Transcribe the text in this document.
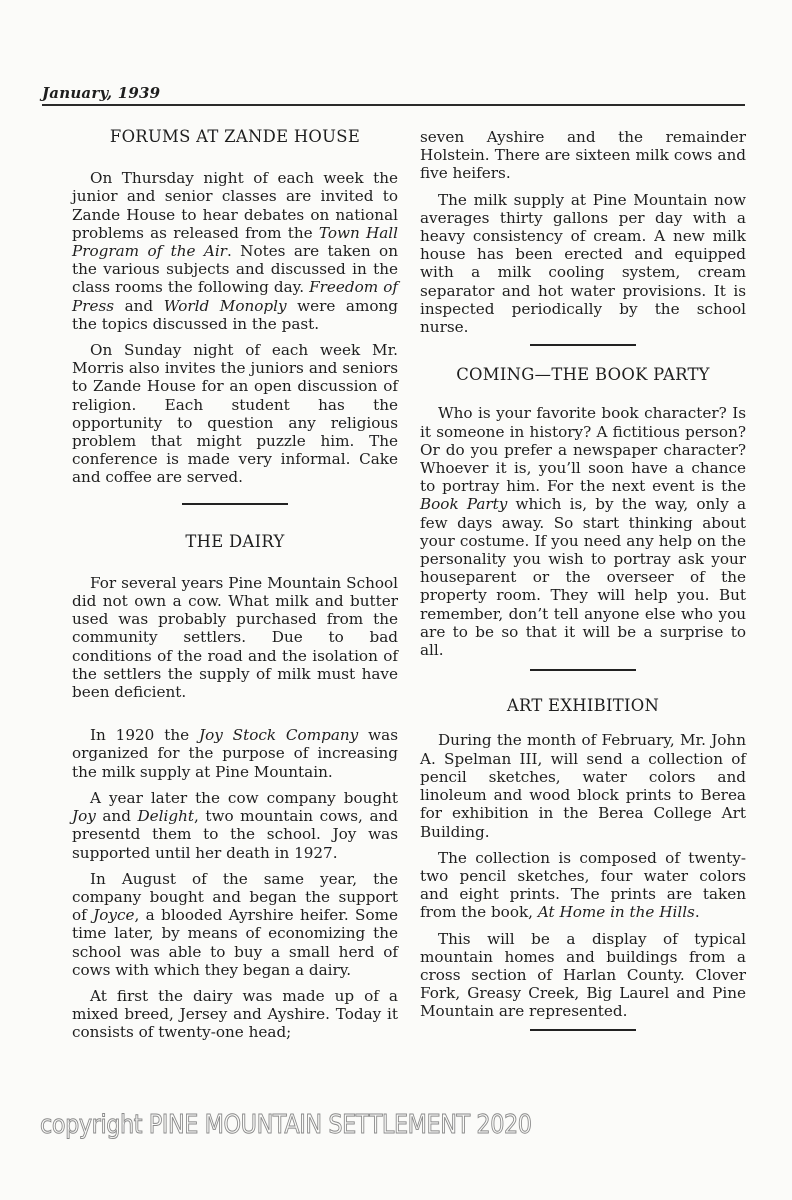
January, 1939
FORUMS AT ZANDE HOUSE

On Thursday night of each week the junior and senior classes are invited to Zande House to hear debates on national problems as released from the Town Hall Program of the Air. Notes are taken on the various subjects and discussed in the class rooms the following day. Freedom of Press and World Monoply were among the topics discussed in the past.

On Sunday night of each week Mr. Morris also invites the juniors and seniors to Zande House for an open discussion of religion. Each student has the opportunity to question any religious problem that might puzzle him. The conference is made very informal. Cake and coffee are served.

THE DAIRY

For several years Pine Mountain School did not own a cow. What milk and butter used was probably purchased from the community settlers. Due to bad conditions of the road and the isolation of the settlers the supply of milk must have been deficient.

In 1920 the Joy Stock Company was organized for the purpose of increasing the milk supply at Pine Mountain.

A year later the cow company bought Joy and Delight, two mountain cows, and presentd them to the school. Joy was supported until her death in 1927.

In August of the same year, the company bought and began the support of Joyce, a blooded Ayrshire heifer. Some time later, by means of economizing the school was able to buy a small herd of cows with which they began a dairy.

At first the dairy was made up of a mixed breed, Jersey and Ayshire. Today it consists of twenty-one head;

seven Ayshire and the remainder Holstein. There are sixteen milk cows and five heifers.

The milk supply at Pine Mountain now averages thirty gallons per day with a heavy consistency of cream. A new milk house has been erected and equipped with a milk cooling system, cream separator and hot water provisions. It is inspected periodically by the school nurse.

COMING—THE BOOK PARTY

Who is your favorite book character? Is it someone in history? A fictitious person? Or do you prefer a newspaper character? Whoever it is, you’ll soon have a chance to portray him. For the next event is the Book Party which is, by the way, only a few days away. So start thinking about your costume. If you need any help on the personality you wish to portray ask your houseparent or the overseer of the property room. They will help you. But remember, don’t tell anyone else who you are to be so that it will be a surprise to all.

ART EXHIBITION

During the month of February, Mr. John A. Spelman III, will send a collection of pencil sketches, water colors and linoleum and wood block prints to Berea for exhibition in the Berea College Art Building.

The collection is composed of twenty-two pencil sketches, four water colors and eight prints. The prints are taken from the book, At Home in the Hills.

This will be a display of typical mountain homes and buildings from a cross section of Harlan County. Clover Fork, Greasy Creek, Big Laurel and Pine Mountain are represented.

copyright PINE MOUNTAIN SETTLEMENT 2020
